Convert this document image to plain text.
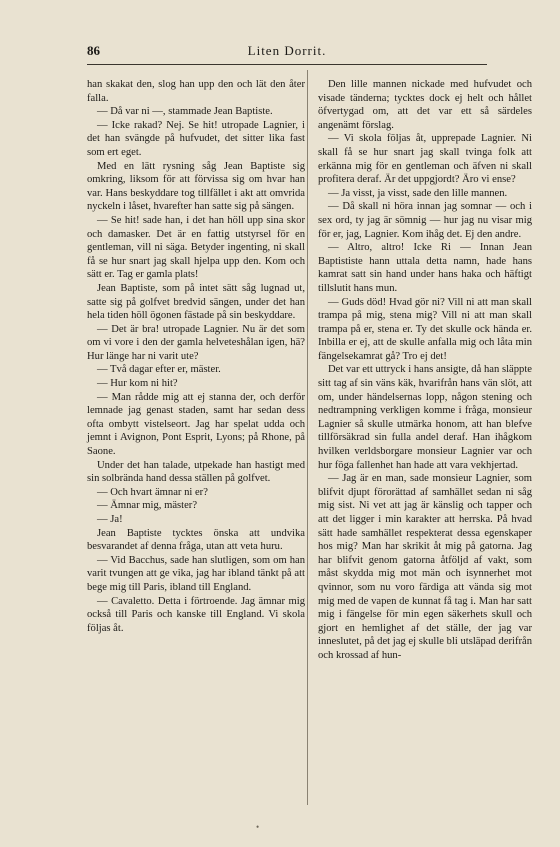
Liten Dorrit.
86

han skakat den, slog han upp den och lät den åter falla.

— Då var ni —, stammade Jean Baptiste.

— Icke rakad? Nej. Se hit! utropade Lagnier, i det han svängde på hufvudet, det sitter lika fast som ert eget.

Med en lätt rysning såg Jean Baptiste sig omkring, liksom för att förvissa sig om hvar han var. Hans beskyddare tog tillfället i akt att omvrida nyckeln i låset, hvarefter han satte sig på sängen.

— Se hit! sade han, i det han höll upp sina skor och damasker. Det är en fattig utstyrsel för en gentleman, vill ni säga. Betyder ingenting, ni skall få se hur snart jag skall hjelpa upp den. Kom och sätt er. Tag er gamla plats!

Jean Baptiste, som på intet sätt såg lugnad ut, satte sig på golfvet bredvid sängen, under det han hela tiden höll ögonen fästade på sin beskyddare.

— Det är bra! utropade Lagnier. Nu är det som om vi vore i den der gamla helveteshålan igen, hä? Hur länge har ni varit ute?

— Två dagar efter er, mäster.

— Hur kom ni hit?

— Man rådde mig att ej stanna der, och derför lemnade jag genast staden, samt har sedan dess ofta ombytt vistelseort. Jag har spelat udda och jemnt i Avignon, Pont Esprit, Lyons; på Rhone, på Saone.

Under det han talade, utpekade han hastigt med sin solbrända hand dessa ställen på golfvet.

— Och hvart ämnar ni er?

— Ämnar mig, mäster?

— Ja!

Jean Baptiste tycktes önska att undvika besvarandet af denna fråga, utan att veta huru.

— Vid Bacchus, sade han slutligen, som om han varit tvungen att ge vika, jag har ibland tänkt på att bege mig till Paris, ibland till England.

— Cavaletto. Detta i förtroende. Jag ämnar mig också till Paris och kanske till England. Vi skola följas åt.

Den lille mannen nickade med hufvudet och visade tänderna; tycktes dock ej helt och hållet öfvertygad om, att det var ett så särdeles angenämt förslag.

— Vi skola följas åt, upprepade Lagnier. Ni skall få se hur snart jag skall tvinga folk att erkänna mig för en gentleman och äfven ni skall profitera deraf. Är det uppgjordt? Äro vi ense?

— Ja visst, ja visst, sade den lille mannen.

— Då skall ni höra innan jag somnar — och i sex ord, ty jag är sömnig — hur jag nu visar mig för er, jag, Lagnier. Kom ihåg det. Ej den andre.

— Altro, altro! Icke Ri — Innan Jean Baptististe hann uttala detta namn, hade hans kamrat satt sin hand under hans haka och häftigt tillslutit hans mun.

— Guds död! Hvad gör ni? Vill ni att man skall trampa på mig, stena mig? Vill ni att man skall trampa på er, stena er. Ty det skulle ock hända er. Inbilla er ej, att de skulle anfalla mig och låta min fängelsekamrat gå? Tro ej det!

Det var ett uttryck i hans ansigte, då han släppte sitt tag af sin väns käk, hvarifrån hans vän slöt, att om, under händelsernas lopp, någon stening och nedtrampning verkligen komme i fråga, monsieur Lagnier så skulle utmärka honom, att han blefve tillförsäkrad sin fulla andel deraf. Han ihågkom hvilken verldsborgare monsieur Lagnier var och hur föga fallenhet han hade att vara vekhjertad.

— Jag är en man, sade monsieur Lagnier, som blifvit djupt förorättad af samhället sedan ni såg mig sist. Ni vet att jag är känslig och tapper och att det ligger i min karakter att herrska. På hvad sätt hade samhället respekterat dessa egenskaper hos mig? Man har skrikit åt mig på gatorna. Jag har blifvit genom gatorna åtföljd af vakt, som måst skydda mig mot män och isynnerhet mot qvinnor, som nu voro färdiga att vända sig mot mig med de vapen de kunnat få tag i. Man har satt mig i fängelse för min egen säkerhets skull och gjort en hemlighet af det ställe, der jag var inneslutet, på det jag ej skulle bli utsläpad derifrån och krossad af hun-

•
